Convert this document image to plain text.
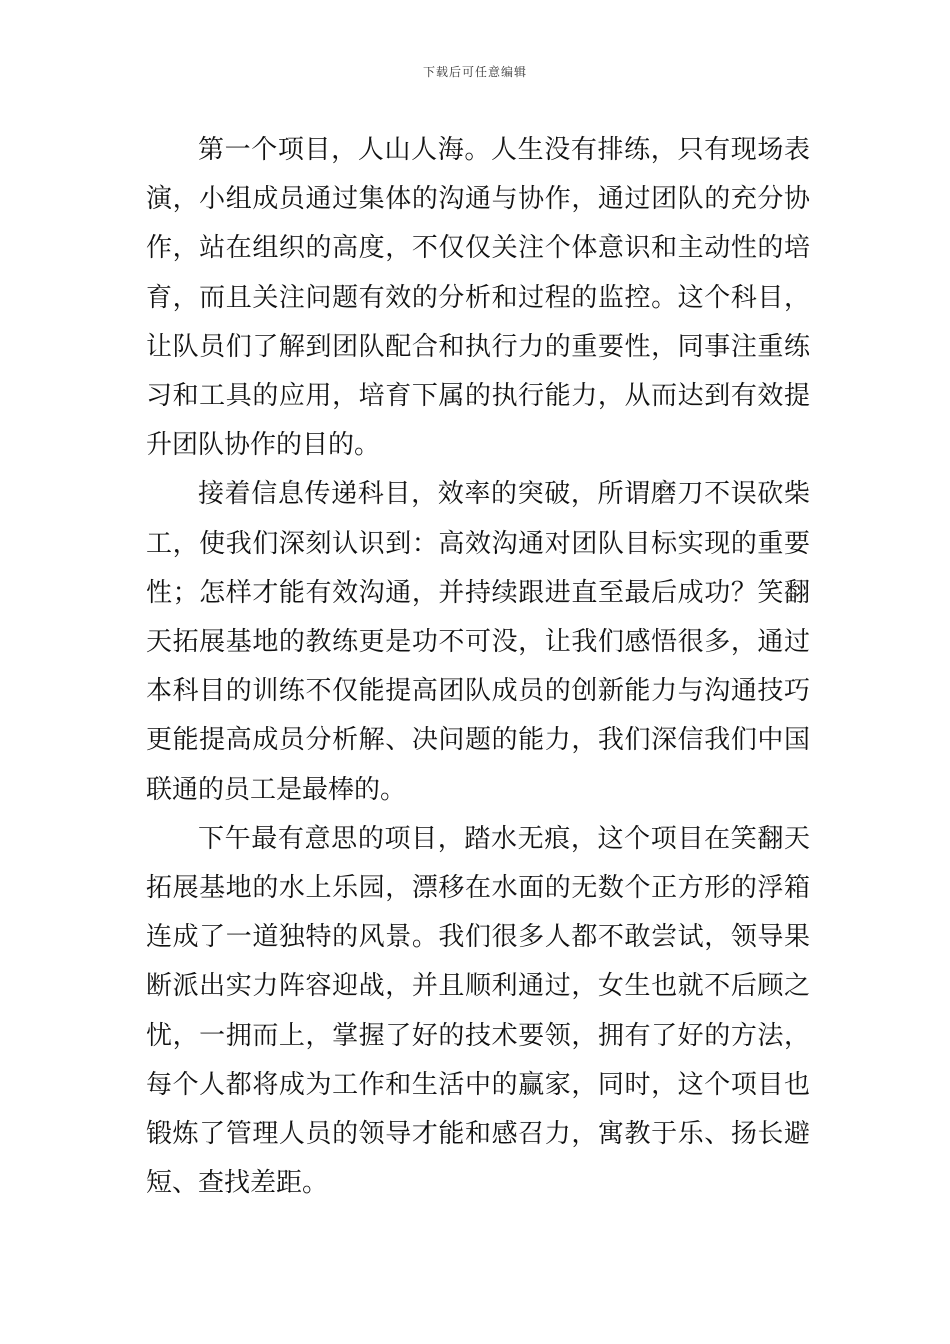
下载后可任意编辑

第一个项目，人山人海。人生没有排练，只有现场表演，小组成员通过集体的沟通与协作，通过团队的充分协作，站在组织的高度，不仅仅关注个体意识和主动性的培育，而且关注问题有效的分析和过程的监控。这个科目，让队员们了解到团队配合和执行力的重要性，同事注重练习和工具的应用，培育下属的执行能力，从而达到有效提升团队协作的目的。

接着信息传递科目，效率的突破，所谓磨刀不误砍柴工，使我们深刻认识到：高效沟通对团队目标实现的重要性；怎样才能有效沟通，并持续跟进直至最后成功？笑翻天拓展基地的教练更是功不可没，让我们感悟很多，通过本科目的训练不仅能提高团队成员的创新能力与沟通技巧更能提高成员分析解、决问题的能力，我们深信我们中国联通的员工是最棒的。

下午最有意思的项目，踏水无痕，这个项目在笑翻天拓展基地的水上乐园，漂移在水面的无数个正方形的浮箱连成了一道独特的风景。我们很多人都不敢尝试，领导果断派出实力阵容迎战，并且顺利通过，女生也就不后顾之忧，一拥而上，掌握了好的技术要领，拥有了好的方法，每个人都将成为工作和生活中的赢家，同时，这个项目也锻炼了管理人员的领导才能和感召力，寓教于乐、扬长避短、查找差距。
